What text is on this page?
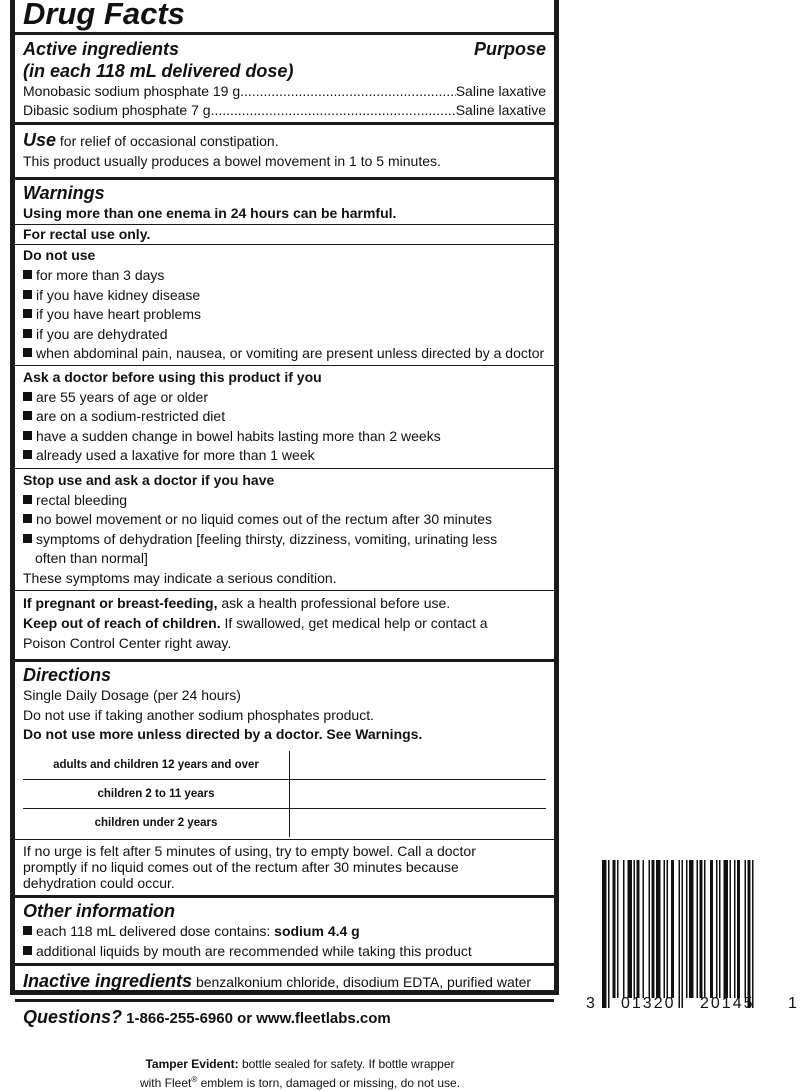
Drug Facts
Active ingredients	Purpose
(in each 118 mL delivered dose)
Monobasic sodium phosphate 19 g .....	Saline laxative
Dibasic sodium phosphate 7 g .....	Saline laxative
Use for relief of occasional constipation.
This product usually produces a bowel movement in 1 to 5 minutes.
Warnings
Using more than one enema in 24 hours can be harmful.
For rectal use only.
Do not use
for more than 3 days
if you have kidney disease
if you have heart problems
if you are dehydrated
when abdominal pain, nausea, or vomiting are present unless directed by a doctor
Ask a doctor before using this product if you
are 55 years of age or older
are on a sodium-restricted diet
have a sudden change in bowel habits lasting more than 2 weeks
already used a laxative for more than 1 week
Stop use and ask a doctor if you have
rectal bleeding
no bowel movement or no liquid comes out of the rectum after 30 minutes
symptoms of dehydration [feeling thirsty, dizziness, vomiting, urinating less
often than normal]
These symptoms may indicate a serious condition.
If pregnant or breast-feeding, ask a health professional before use.
Keep out of reach of children. If swallowed, get medical help or contact a
Poison Control Center right away.
Directions
Single Daily Dosage (per 24 hours)
Do not use if taking another sodium phosphates product.
Do not use more unless directed by a doctor. See Warnings.
adults and children 12 years and over	
children 2 to 11 years	
children under 2 years	
If no urge is felt after 5 minutes of using, try to empty bowel. Call a doctor
promptly if no liquid comes out of the rectum after 30 minutes because
dehydration could occur.
Other information
each 118 mL delivered dose contains: sodium 4.4 g
additional liquids by mouth are recommended while taking this product
Inactive ingredients benzalkonium chloride, disodium EDTA, purified water
Questions? 1-866-255-6960 or www.fleetlabs.com
3 01320 20145 1
Tamper Evident: bottle sealed for safety. If bottle wrapper
with Fleet® emblem is torn, damaged or missing, do not use.
